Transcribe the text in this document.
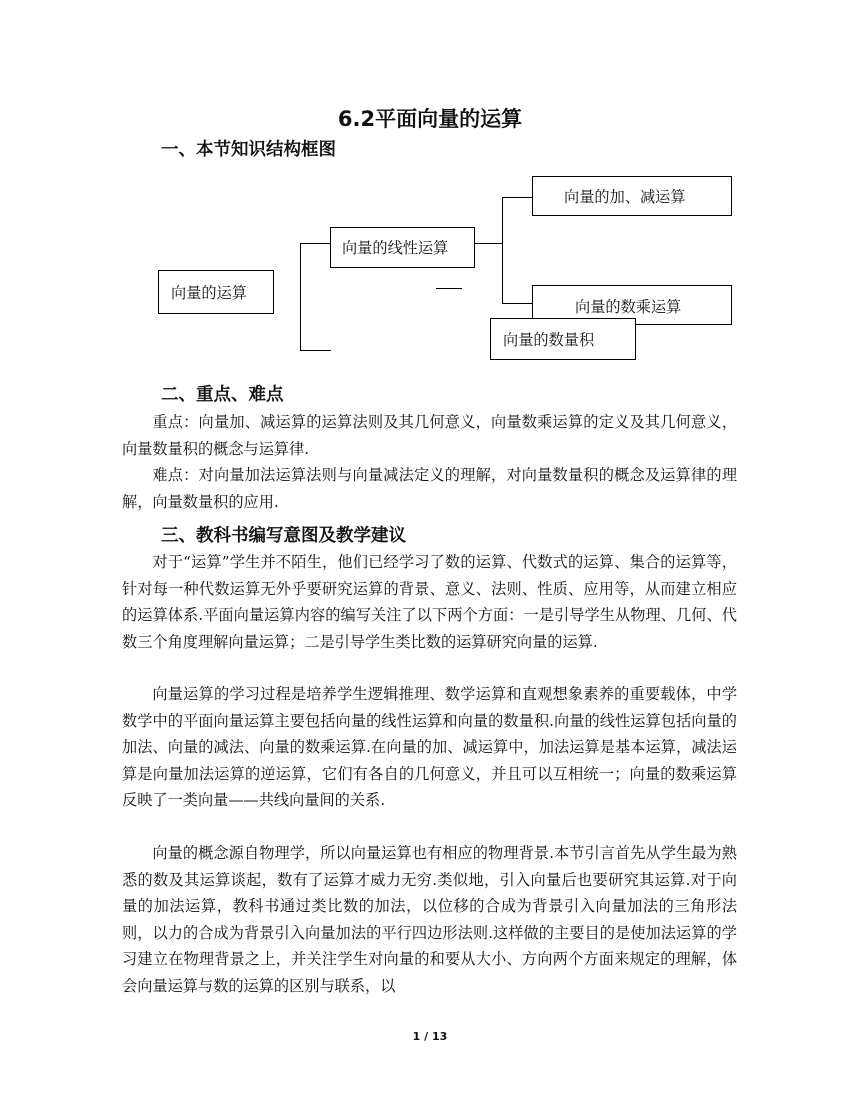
6.2平面向量的运算
一、本节知识结构框图
向量的运算
向量的线性运算
向量的加、减运算
向量的数乘运算
向量的数量积
二、重点、难点

重点：向量加、减运算的运算法则及其几何意义，向量数乘运算的定义及其几何意义，向量数量积的概念与运算律.

难点：对向量加法运算法则与向量减法定义的理解，对向量数量积的概念及运算律的理解，向量数量积的应用.

三、教科书编写意图及教学建议

对于“运算”学生并不陌生，他们已经学习了数的运算、代数式的运算、集合的运算等，针对每一种代数运算无外乎要研究运算的背景、意义、法则、性质、应用等，从而建立相应的运算体系.平面向量运算内容的编写关注了以下两个方面：一是引导学生从物理、几何、代数三个角度理解向量运算；二是引导学生类比数的运算研究向量的运算.

向量运算的学习过程是培养学生逻辑推理、数学运算和直观想象素养的重要载体，中学数学中的平面向量运算主要包括向量的线性运算和向量的数量积.向量的线性运算包括向量的加法、向量的减法、向量的数乘运算.在向量的加、减运算中，加法运算是基本运算，减法运算是向量加法运算的逆运算，它们有各自的几何意义，并且可以互相统一；向量的数乘运算反映了一类向量——共线向量间的关系.

向量的概念源自物理学，所以向量运算也有相应的物理背景.本节引言首先从学生最为熟悉的数及其运算谈起，数有了运算才威力无穷.类似地，引入向量后也要研究其运算.对于向量的加法运算，教科书通过类比数的加法，以位移的合成为背景引入向量加法的三角形法则，以力的合成为背景引入向量加法的平行四边形法则.这样做的主要目的是使加法运算的学习建立在物理背景之上，并关注学生对向量的和要从大小、方向两个方面来规定的理解，体会向量运算与数的运算的区别与联系，以

1 / 13
